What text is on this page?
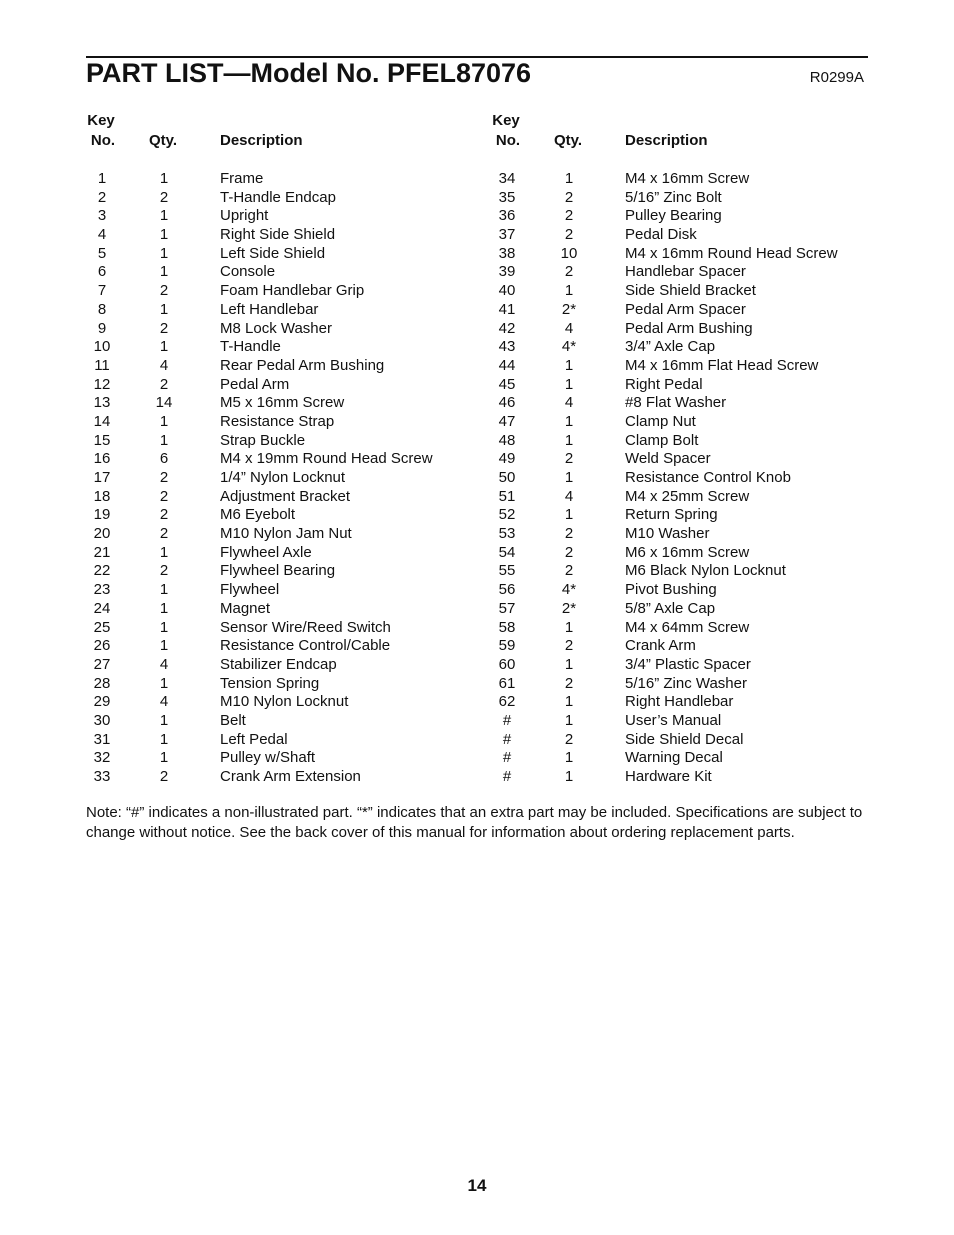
PART LIST—Model No. PFEL87076	R0299A
Key
No. Qty.	Description
1	1	Frame
2	2	T-Handle Endcap
3	1	Upright
4	1	Right Side Shield
5	1	Left Side Shield
6	1	Console
7	2	Foam Handlebar Grip
8	1	Left Handlebar
9	2	M8 Lock Washer
10	1	T-Handle
11	4	Rear Pedal Arm Bushing
12	2	Pedal Arm
13	14	M5 x 16mm Screw
14	1	Resistance Strap
15	1	Strap Buckle
16	6	M4 x 19mm Round Head Screw
17	2	1/4” Nylon Locknut
18	2	Adjustment Bracket
19	2	M6 Eyebolt
20	2	M10 Nylon Jam Nut
21	1	Flywheel Axle
22	2	Flywheel Bearing
23	1	Flywheel
24	1	Magnet
25	1	Sensor Wire/Reed Switch
26	1	Resistance Control/Cable
27	4	Stabilizer Endcap
28	1	Tension Spring
29	4	M10 Nylon Locknut
30	1	Belt
31	1	Left Pedal
32	1	Pulley w/Shaft
33	2	Crank Arm Extension
Key
No. Qty.	Description
34	1	M4 x 16mm Screw
35	2	5/16” Zinc Bolt
36	2	Pulley Bearing
37	2	Pedal Disk
38	10	M4 x 16mm Round Head Screw
39	2	Handlebar Spacer
40	1	Side Shield Bracket
41	2*	Pedal Arm Spacer
42	4	Pedal Arm Bushing
43	4*	3/4” Axle Cap
44	1	M4 x 16mm Flat Head Screw
45	1	Right Pedal
46	4	#8 Flat Washer
47	1	Clamp Nut
48	1	Clamp Bolt
49	2	Weld Spacer
50	1	Resistance Control Knob
51	4	M4 x 25mm Screw
52	1	Return Spring
53	2	M10 Washer
54	2	M6 x 16mm Screw
55	2	M6 Black Nylon Locknut
56	4*	Pivot Bushing
57	2*	5/8” Axle Cap
58	1	M4 x 64mm Screw
59	2	Crank Arm
60	1	3/4” Plastic Spacer
61	2	5/16” Zinc Washer
62	1	Right Handlebar
#	1	User’s Manual
#	2	Side Shield Decal
#	1	Warning Decal
#	1	Hardware Kit
Note: “#” indicates a non-illustrated part. “*” indicates that an extra part may be included. Specifications are subject to change without notice. See the back cover of this manual for information about ordering replacement parts.
14
